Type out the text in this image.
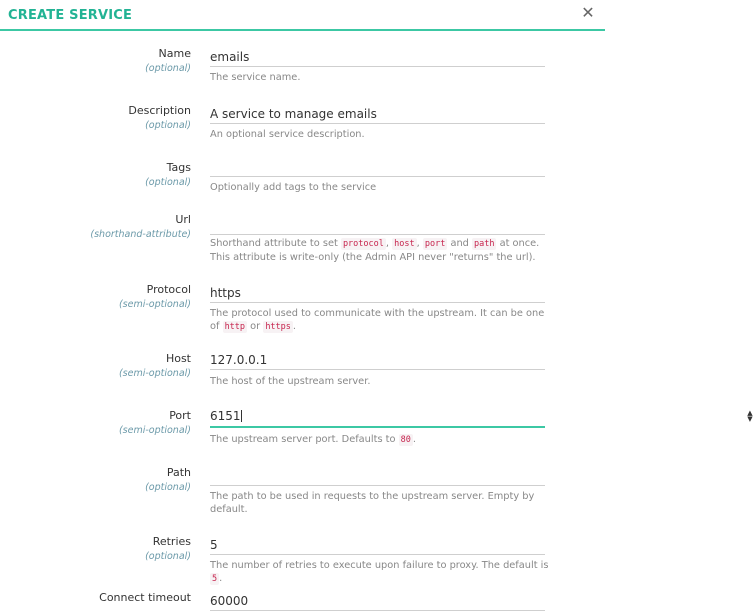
CREATE SERVICE	✕
Name
(optional)
emails
The service name.
Description
(optional)
A service to manage emails
An optional service description.
Tags
(optional) Optionally add tags to the service
Url
(shorthand-attribute)
Shorthand attribute to set protocol , host , port and path at once.
This attribute is write-only (the Admin API never "returns" the url).
Protocol
(semi-optional)
https
The protocol used to communicate with the upstream. It can be one of http or https .
Host
(semi-optional)
127.0.0.1
The host of the upstream server.
Port
(semi-optional)
6151	▲
▼
The upstream server port. Defaults to 80 .
Path
(optional)
The path to be used in requests to the upstream server. Empty by default.
Retries
(optional)
5
The number of retries to execute upon failure to proxy. The default is 5 .
Connect timeout
60000
